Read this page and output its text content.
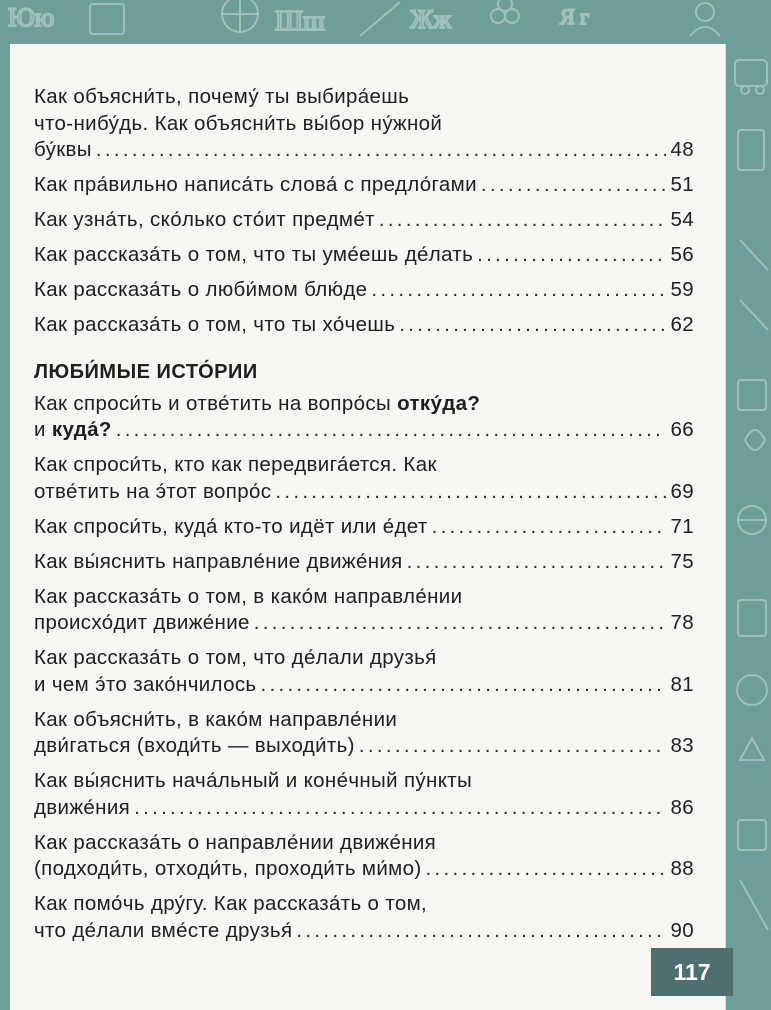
Юю	Шш	Жж	Я г

Как объясни́ть, почему́ ты выбира́ешь
что-нибу́дь. Как объясни́ть вы́бор ну́жной
бу́квы . . .	48
Как пра́вильно написа́ть слова́ с предло́гами . . .	51
Как узна́ть, ско́лько сто́ит предме́т . . .	54
Как рассказа́ть о том, что ты уме́ешь де́лать . . .	56
Как рассказа́ть о люби́мом блю́де . . .	59
Как рассказа́ть о том, что ты хо́чешь . . .	62
ЛЮБИ́МЫЕ ИСТО́РИИ
Как спроси́ть и отве́тить на вопро́сы отку́да?
и куда́? . . .	66
Как спроси́ть, кто как передвига́ется. Как
отве́тить на э́тот вопро́с . . .	69
Как спроси́ть, куда́ кто-то идёт или е́дет . . .	71
Как вы́яснить направле́ние движе́ния . . .	75
Как рассказа́ть о том, в како́м направле́нии
происхо́дит движе́ние . . .	78
Как рассказа́ть о том, что де́лали друзья́
и чем э́то зако́нчилось . . .	81
Как объясни́ть, в како́м направле́нии
дви́гаться (входи́ть — выходи́ть) . . .	83
Как вы́яснить нача́льный и коне́чный пу́нкты
движе́ния . . .	86
Как рассказа́ть о направле́нии движе́ния
(подходи́ть, отходи́ть, проходи́ть ми́мо) . . .	88
Как помо́чь дру́гу. Как рассказа́ть о том,
что де́лали вме́сте друзья́ . . .	90
117
